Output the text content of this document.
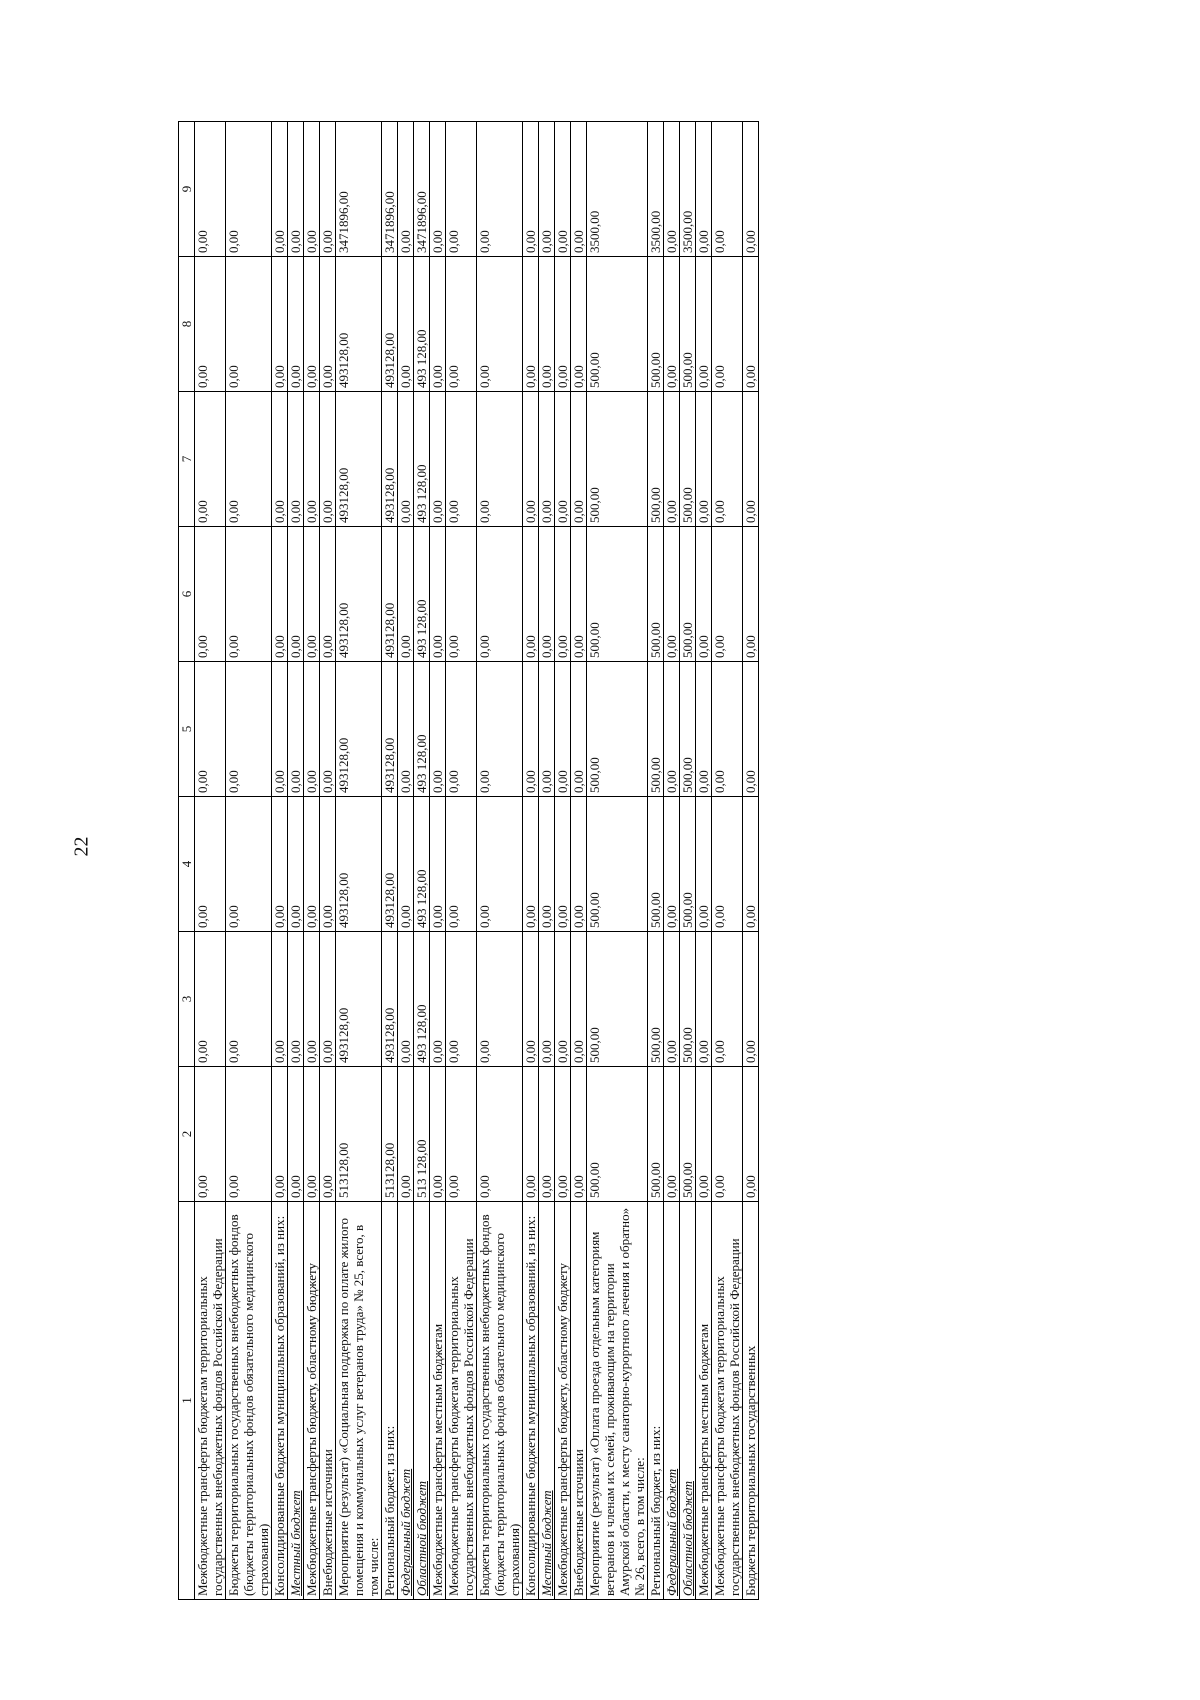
22
1	2	3	4	5	6	7	8	9
Межбюджетные трансферты бюджетам территориальных государственных внебюджетных фондов Российской Федерации	0,00	0,00	0,00	0,00	0,00	0,00	0,00	0,00
Бюджеты территориальных государственных внебюджетных фондов (бюджеты территориальных фондов обязательного медицинского страхования)	0,00	0,00	0,00	0,00	0,00	0,00	0,00	0,00
Консолидированные бюджеты муниципальных образований, из них:	0,00	0,00	0,00	0,00	0,00	0,00	0,00	0,00
Местный бюджет	0,00	0,00	0,00	0,00	0,00	0,00	0,00	0,00
Межбюджетные трансферты бюджету, областному бюджету	0,00	0,00	0,00	0,00	0,00	0,00	0,00	0,00
Внебюджетные источники	0,00	0,00	0,00	0,00	0,00	0,00	0,00	0,00
Мероприятие (результат) «Социальная поддержка по оплате жилого помещения и коммунальных услуг ветеранов труда» № 25, всего, в том числе:	513128,00	493128,00	493128,00	493128,00	493128,00	493128,00	493128,00	3471896,00
Региональный бюджет, из них:	513128,00	493128,00	493128,00	493128,00	493128,00	493128,00	493128,00	3471896,00
Федеральный бюджет	0,00	0,00	0,00	0,00	0,00	0,00	0,00	0,00
Областной бюджет	513 128,00	493 128,00	493 128,00	493 128,00	493 128,00	493 128,00	493 128,00	3471896,00
Межбюджетные трансферты местным бюджетам	0,00	0,00	0,00	0,00	0,00	0,00	0,00	0,00
Межбюджетные трансферты бюджетам территориальных государственных внебюджетных фондов Российской Федерации	0,00	0,00	0,00	0,00	0,00	0,00	0,00	0,00
Бюджеты территориальных государственных внебюджетных фондов (бюджеты территориальных фондов обязательного медицинского страхования)	0,00	0,00	0,00	0,00	0,00	0,00	0,00	0,00
Консолидированные бюджеты муниципальных образований, из них:	0,00	0,00	0,00	0,00	0,00	0,00	0,00	0,00
Местный бюджет	0,00	0,00	0,00	0,00	0,00	0,00	0,00	0,00
Межбюджетные трансферты бюджету, областному бюджету	0,00	0,00	0,00	0,00	0,00	0,00	0,00	0,00
Внебюджетные источники	0,00	0,00	0,00	0,00	0,00	0,00	0,00	0,00
Мероприятие (результат) «Оплата проезда отдельным категориям ветеранов и членам их семей, проживающим на территории Амурской области, к месту санаторно-курортного лечения и обратно» № 26, всего, в том числе:	500,00	500,00	500,00	500,00	500,00	500,00	500,00	3500,00
Региональный бюджет, из них:	500,00	500,00	500,00	500,00	500,00	500,00	500,00	3500,00
Федеральный бюджет	0,00	0,00	0,00	0,00	0,00	0,00	0,00	0,00
Областной бюджет	500,00	500,00	500,00	500,00	500,00	500,00	500,00	3500,00
Межбюджетные трансферты местным бюджетам	0,00	0,00	0,00	0,00	0,00	0,00	0,00	0,00
Межбюджетные трансферты бюджетам территориальных государственных внебюджетных фондов Российской Федерации	0,00	0,00	0,00	0,00	0,00	0,00	0,00	0,00
Бюджеты территориальных государственных	0,00	0,00	0,00	0,00	0,00	0,00	0,00	0,00
